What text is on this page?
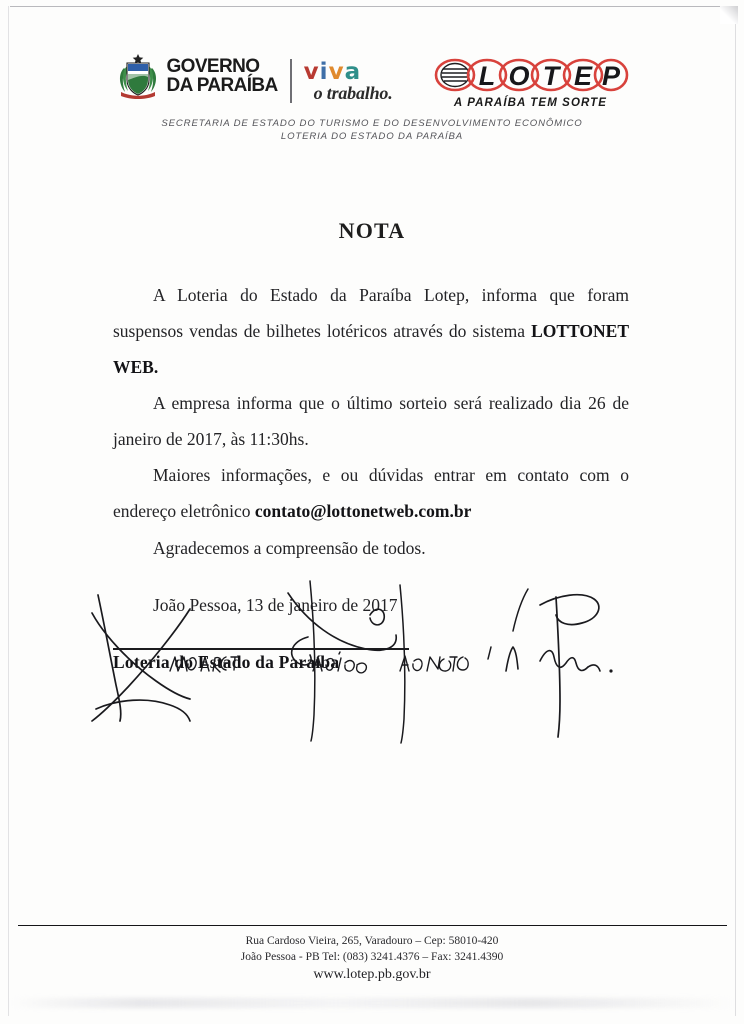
GOVERNO
DA PARAÍBA
viva
o trabalho.
L O T E P
A PARAÍBA TEM SORTE
SECRETARIA DE ESTADO DO TURISMO E DO DESENVOLVIMENTO ECONÔMICO
LOTERIA DO ESTADO DA PARAÍBA
NOTA

A Loteria do Estado da Paraíba Lotep, informa que foram suspensos vendas de bilhetes lotéricos através do sistema LOTTONET WEB.

A empresa informa que o último sorteio será realizado dia 26 de janeiro de 2017, às 11:30hs.

Maiores informações, e ou dúvidas entrar em contato com o endereço eletrônico contato@lottonetweb.com.br

Agradecemos a compreensão de todos.
João Pessoa, 13 de janeiro de 2017
Loteria do Estado da Paraíba
Rua Cardoso Vieira, 265, Varadouro – Cep: 58010-420
João Pessoa - PB Tel: (083) 3241.4376 – Fax: 3241.4390
www.lotep.pb.gov.br
